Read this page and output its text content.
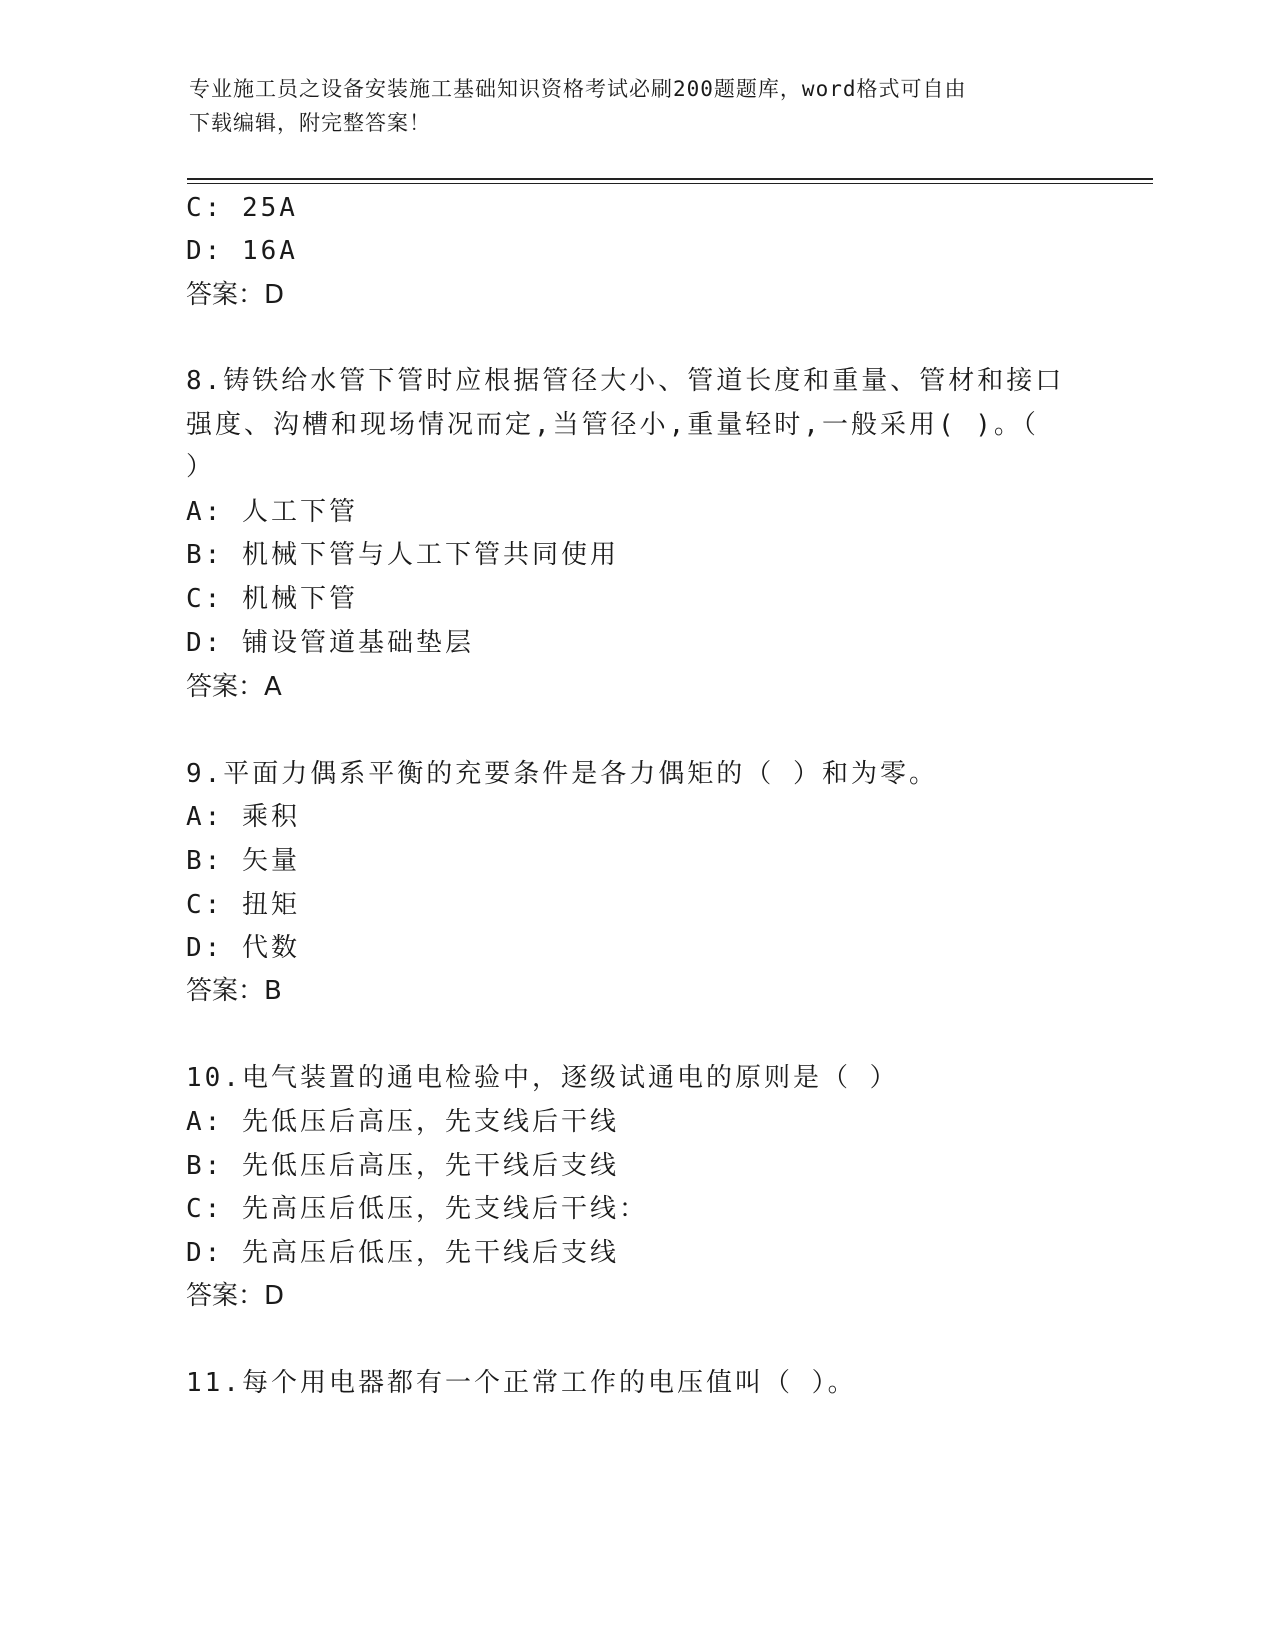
专业施工员之设备安装施工基础知识资格考试必刷200题题库，word格式可自由
下载编辑，附完整答案！
C: 25A
D: 16A
答案：D
8.铸铁给水管下管时应根据管径大小、管道长度和重量、管材和接口
强度、沟槽和现场情况而定,当管径小,重量轻时,一般采用( )。（
）
A: 人工下管
B: 机械下管与人工下管共同使用
C: 机械下管
D: 铺设管道基础垫层
答案：A
9.平面力偶系平衡的充要条件是各力偶矩的（ ）和为零。
A: 乘积
B: 矢量
C: 扭矩
D: 代数
答案：B
10.电气装置的通电检验中，逐级试通电的原则是（ ）
A: 先低压后高压，先支线后干线
B: 先低压后高压，先干线后支线
C: 先高压后低压，先支线后干线：
D: 先高压后低压，先干线后支线
答案：D
11.每个用电器都有一个正常工作的电压值叫（ ）。
